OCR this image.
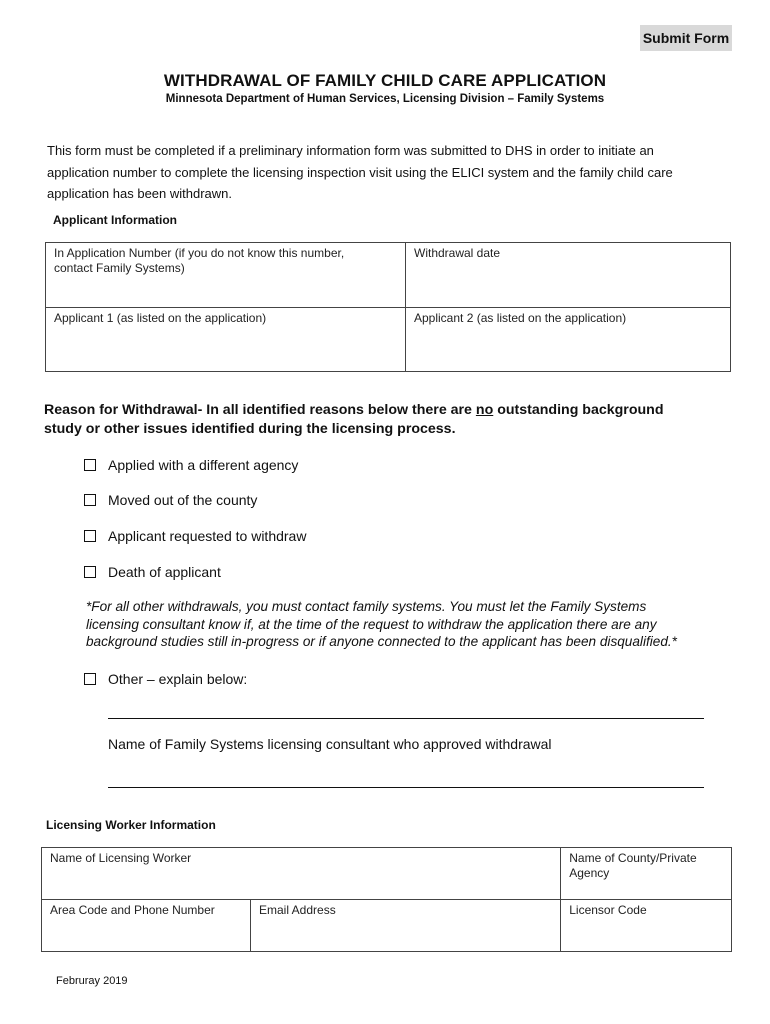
Submit Form
WITHDRAWAL OF FAMILY CHILD CARE APPLICATION
Minnesota Department of Human Services, Licensing Division – Family Systems
This form must be completed if a preliminary information form was submitted to DHS in order to initiate an
application number to complete the licensing inspection visit using the ELICI system and the family child care
application has been withdrawn.
Applicant Information
In Application Number (if you do not know this number,
contact Family Systems)	Withdrawal date

Applicant 1 (as listed on the application)	Applicant 2 (as listed on the application)
Reason for Withdrawal- In all identified reasons below there are no outstanding background
study or other issues identified during the licensing process.
Applied with a different agency
Moved out of the county
Applicant requested to withdraw
Death of applicant
*For all other withdrawals, you must contact family systems. You must let the Family Systems
licensing consultant know if, at the time of the request to withdraw the application there are any
background studies still in-progress or if anyone connected to the applicant has been disqualified.*
Other – explain below:
Name of Family Systems licensing consultant who approved withdrawal
Licensing Worker Information
Name of Licensing Worker		Name of County/Private Agency

Area Code and Phone Number	Email Address	Licensor Code
Februray 2019
